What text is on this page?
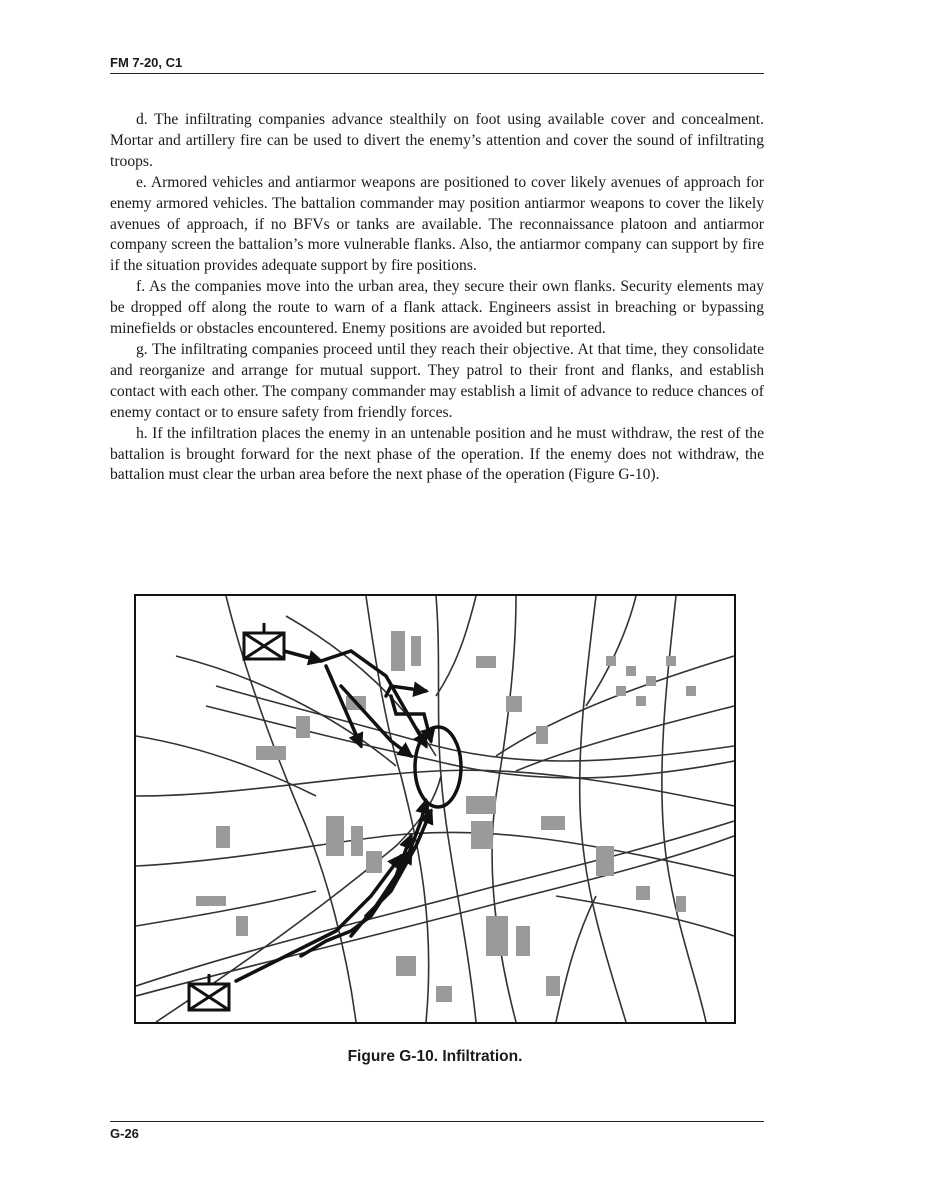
FM 7-20, C1

d. The infiltrating companies advance stealthily on foot using available cover and concealment. Mortar and artillery fire can be used to divert the enemy’s attention and cover the sound of infiltrating troops.

e. Armored vehicles and antiarmor weapons are positioned to cover likely avenues of approach for enemy armored vehicles. The battalion commander may position antiarmor weapons to cover the likely avenues of approach, if no BFVs or tanks are available. The reconnaissance platoon and antiarmor company screen the battalion’s more vulnerable flanks. Also, the antiarmor company can support by fire if the situation provides adequate support by fire positions.

f. As the companies move into the urban area, they secure their own flanks. Security elements may be dropped off along the route to warn of a flank attack. Engineers assist in breaching or bypassing minefields or obstacles encountered. Enemy positions are avoided but reported.

g. The infiltrating companies proceed until they reach their objective. At that time, they consolidate and reorganize and arrange for mutual support. They patrol to their front and flanks, and establish contact with each other. The company commander may establish a limit of advance to reduce chances of enemy contact or to ensure safety from friendly forces.

h. If the infiltration places the enemy in an untenable position and he must withdraw, the rest of the battalion is brought forward for the next phase of the operation. If the enemy does not withdraw, the battalion must clear the urban area before the next phase of the operation (Figure G-10).

Figure G-10. Infiltration.
G-26
